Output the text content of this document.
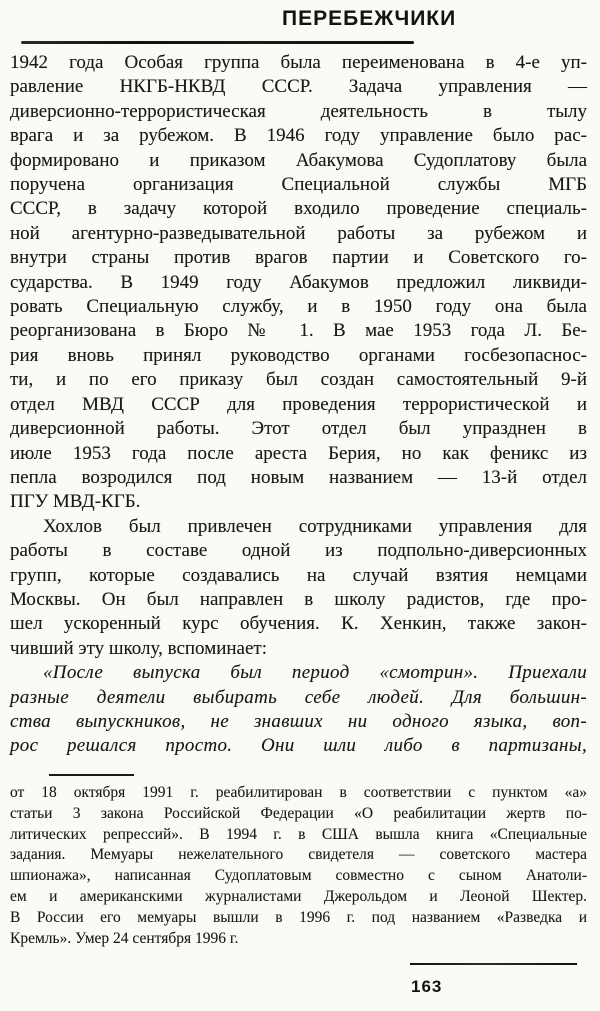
ПЕРЕБЕЖЧИКИ
1942 года Особая группа была переименована в 4-е уп-
равление НКГБ-НКВД СССР. Задача управления —
диверсионно-террористическая деятельность в тылу
врага и за рубежом. В 1946 году управление было рас-
формировано и приказом Абакумова Судоплатову была
поручена организация Специальной службы МГБ
СССР, в задачу которой входило проведение специаль-
ной агентурно-разведывательной работы за рубежом и
внутри страны против врагов партии и Советского го-
сударства. В 1949 году Абакумов предложил ликвиди-
ровать Специальную службу, и в 1950 году она была
реорганизована в Бюро № 1. В мае 1953 года Л. Бе-
рия вновь принял руководство органами госбезопаснос-
ти, и по его приказу был создан самостоятельный 9-й
отдел МВД СССР для проведения террористической и
диверсионной работы. Этот отдел был упразднен в
июле 1953 года после ареста Берия, но как феникс из
пепла возродился под новым названием — 13-й отдел
ПГУ МВД-КГБ.
Хохлов был привлечен сотрудниками управления для
работы в составе одной из подпольно-диверсионных
групп, которые создавались на случай взятия немцами
Москвы. Он был направлен в школу радистов, где про-
шел ускоренный курс обучения. К. Хенкин, также закон-
чивший эту школу, вспоминает:
«После выпуска был период «смотрин». Приехали
разные деятели выбирать себе людей. Для большин-
ства выпускников, не знавших ни одного языка, воп-
рос решался просто. Они шли либо в партизаны,
от 18 октября 1991 г. реабилитирован в соответствии с пунктом «а»
статьи 3 закона Российской Федерации «О реабилитации жертв по-
литических репрессий». В 1994 г. в США вышла книга «Специальные
задания. Мемуары нежелательного свидетеля — советского мастера
шпионажа», написанная Судоплатовым совместно с сыном Анатоли-
ем и американскими журналистами Джерольдом и Леоной Шектер.
В России его мемуары вышли в 1996 г. под названием «Разведка и
Кремль». Умер 24 сентября 1996 г.
163
